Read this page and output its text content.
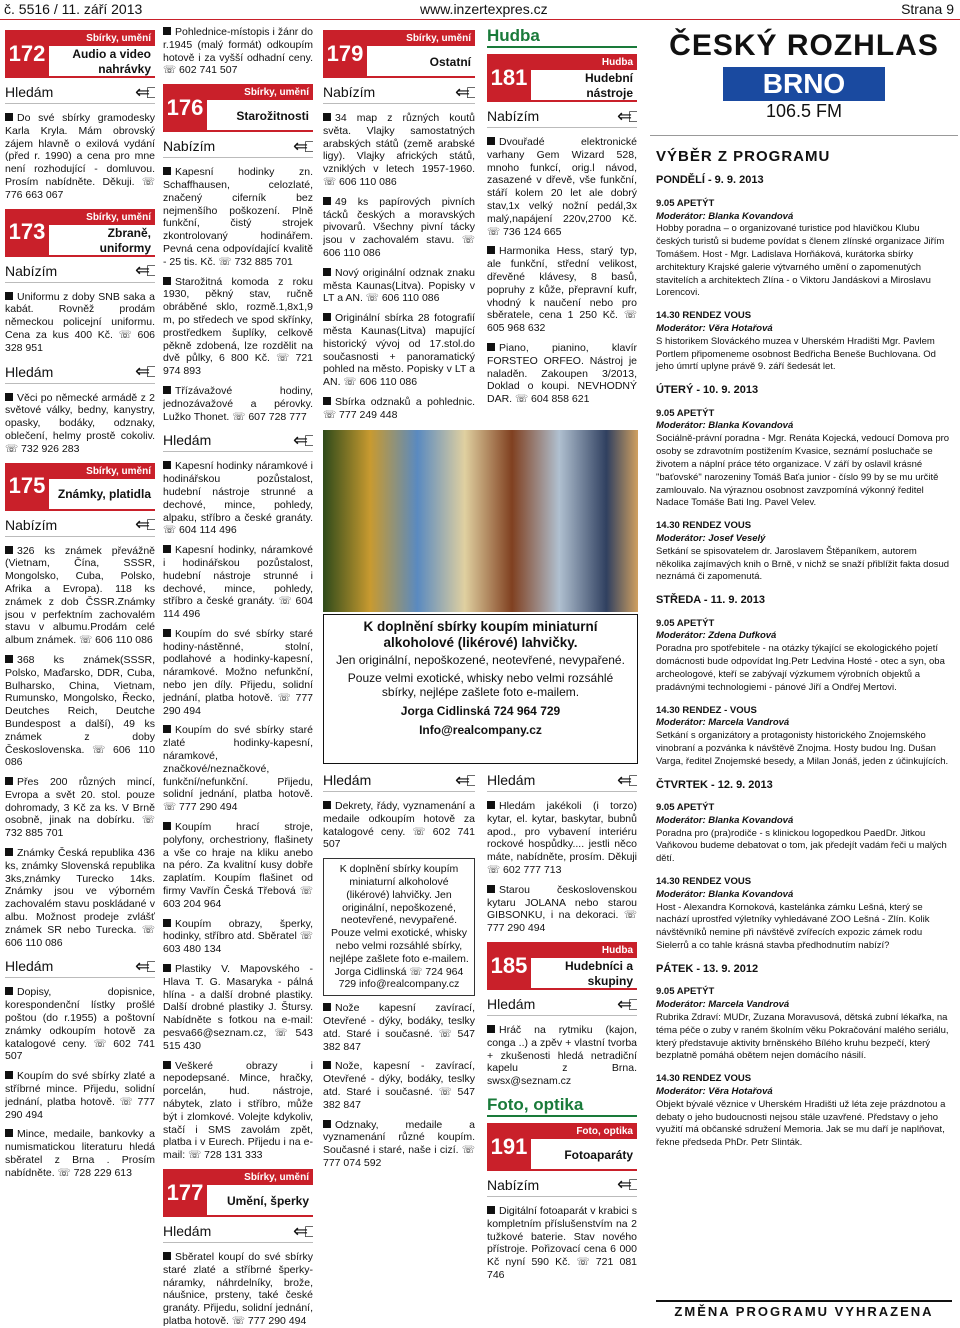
č. 5516 / 11. září 2013	www.inzertexpres.cz	Strana 9
172
Sbírky, umění
Audio a video nahrávky
Hledám	⇐□
Do své sbírky gramodesky Karla Kryla. Mám obrovský zájem hlavně o exilová vydání (před r. 1990) a cena pro mne není rozhodující - domluvou. Prosím nabídněte. Děkuji. ☏ 776 663 067
173
Sbírky, umění
Zbraně, uniformy
Nabízím	⇐□
Uniformu z doby SNB saka a kabát. Rovněž prodám německou policejní uniformu. Cena za kus 400 Kč. ☏ 606 328 951
Hledám	⇐□
Věci po německé armádě z 2 světové války, bedny, kanystry, opasky, bodáky, odznaky, oblečení, helmy prostě cokoliv. ☏ 732 926 283
175
Sbírky, umění
Známky, platidla
Nabízím	⇐□
326 ks známek převážně (Vietnam, Čína, SSSR, Mongolsko, Cuba, Polsko, Afrika a Evropa). 118 ks známek z dob ČSSR.Známky jsou v perfektním zachovalém stavu v albumu.Prodám celé album známek. ☏ 606 110 086
368 ks známek(SSSR, Polsko, Maďarsko, DDR, Cuba, Bulharsko, China, Vietnam, Rumunsko, Mongolsko, Řecko, Deutches Reich, Deutche Bundespost a další), 49 ks známek z doby Československa. ☏ 606 110 086
Přes 200 různých mincí, Evropa a svět 20. stol. pouze dohromady, 3 Kč za ks. V Brně osobně, jinak na dobírku. ☏ 732 885 701
Známky Česká republika 436 ks, známky Slovenská republika 3ks,známky Turecko 14ks. Známky jsou ve výborném zachovalém stavu poskládané v albu. Možnost prodeje zvlášť známek SR nebo Turecka. ☏ 606 110 086
Hledám	⇐□
Dopisy, dopisnice, korespondenční lístky prošlé poštou (do r.1955) a poštovní známky odkoupím hotově za katalogové ceny. ☏ 602 741 507
Koupím do své sbírky zlaté a stříbrné mince. Přijedu, solidní jednání, platba hotově. ☏ 777 290 494
Mince, medaile, bankovky a numismatickou literaturu hledá sběratel z Brna . Prosím nabídněte. ☏ 728 229 613
Pohlednice-místopis i žánr do r.1945 (malý formát) odkoupím hotově i za vyšší odhadní ceny. ☏ 602 741 507
176
Sbírky, umění
Starožitnosti
Nabízím	⇐□
Kapesní hodinky zn. Schaffhausen, celozlaté, značený ciferník bez nejmenšího poškození. Plně funkční, čistý strojek zkontrolovaný hodinářem. Pevná cena odpovídající kvalitě - 25 tis. Kč. ☏ 732 885 701
Starožitná komoda z roku 1930, pěkný stav, ručně obráběné sklo, rozmě.1,8x1,9 m, po středech ve spod skřínky, prostředkem šuplíky, celkově pěkně zdobená, lze rozdělit na dvě půlky, 6 800 Kč. ☏ 721 974 893
Třízávažové hodiny, jednozávažové a pérovky. Lužko Thonet. ☏ 607 728 777
Hledám	⇐□
Kapesní hodinky náramkové i hodinářskou pozůstalost, hudební nástroje strunné a dechové, mince, pohledy, alpaku, stříbro a české granáty. ☏ 604 114 496
Kapesní hodinky, náramkové i hodinářskou pozůstalost, hudební nástroje strunné i dechové, mince, pohledy, stříbro a české granáty. ☏ 604 114 496
Koupím do své sbírky staré hodiny-nástěnné, stolní, podlahové a hodinky-kapesní, náramkové. Možno nefunkční, nebo jen díly. Přijedu, solidní jednání, platba hotově. ☏ 777 290 494
Koupím do své sbírky staré zlaté hodinky-kapesní, náramkové, značkové/neznačkové, funkční/nefunkční. Přijedu, solidní jednání, platba hotově. ☏ 777 290 494
Koupím hrací stroje, polyfony, orchestriony, flašinety a vše co hraje na kliku anebo na péro. Za kvalitní kusy dobře zaplatím. Koupím flašinet od firmy Vavřín Česká Třebová ☏ 603 204 964
Koupím obrazy, šperky, hodinky, stříbro atd. Sběratel ☏ 603 480 134
Plastiky V. Mapovského - Hlava T. G. Masaryka - pálná hlína - a další drobné plastiky. Další drobné plastiky J. Štursy. Nabídněte s fotkou na e-mail: pesva66@seznam.cz, ☏ 543 515 430
Veškeré obrazy i nepodepsané. Mince, hračky, porcelán, hud. nástroje, nábytek, zlato i stříbro, může být i zlomkové. Volejte kdykoliv, stačí i SMS zavolám zpět, platba i v Eurech. Přijedu i na e-mail: ☏ 728 131 333
177
Sbírky, umění
Umění, šperky
Hledám	⇐□
Sběratel koupí do své sbírky staré zlaté a stříbrné šperky-náramky, náhrdelníky, brože, náušnice, prsteny, také české granáty. Přijedu, solidní jednání, platba hotově. ☏ 777 290 494
179
Sbírky, umění
Ostatní
Nabízím	⇐□
34 map z různých koutů světa. Vlajky samostatných arabských států (země arabské ligy). Vlajky afrických států, vzniklých v letech 1957-1960. ☏ 606 110 086
49 ks papírových pivních tácků českých a moravských pivovarů. Všechny pivní tácky jsou v zachovalém stavu. ☏ 606 110 086
Nový originální odznak znaku města Kaunas(Litva). Popisky v LT a AN. ☏ 606 110 086
Originální sbírka 28 fotografií města Kaunas(Litva) mapující historický vývoj od 17.stol.do současnosti + panoramatický pohled na město. Popisky v LT a AN. ☏ 606 110 086
Sbírka odznaků a pohlednic. ☏ 777 249 448
K doplnění sbírky koupím miniaturní alkoholové (likérové) lahvičky.
Jen originální, nepoškozené, neotevřené, nevypařené.
Pouze velmi exotické, whisky nebo velmi rozsáhlé sbírky, nejlépe zašlete foto e-mailem.
Jorga Cidlinská 724 964 729
Info@realcompany.cz
Hledám	⇐□
Dekrety, řády, vyznamenání a medaile odkoupím hotově za katalogové ceny. ☏ 602 741 507
K doplnění sbírky koupím miniaturní alkoholové (likérové) lahvičky. Jen originální, nepoškozené, neotevřené, nevypařené. Pouze velmi exotické, whisky nebo velmi rozsáhlé sbírky, nejlépe zašlete foto e-mailem. Jorga Cidlinská ☏ 724 964 729 info@realcompany.cz
Nože kapesní zavírací, Otevřené - dýky, bodáky, teslky atd. Staré i současné. ☏ 547 382 847
Nože, kapesní - zavírací, Otevřené - dýky, bodáky, teslky atd. Staré i současné. ☏ 547 382 847
Odznaky, medaile a vyznamenání různé koupím. Současné i staré, naše i cizí. ☏ 777 074 592
Hudba
181
Hudba
Hudební nástroje
Nabízím	⇐□
Dvouřadé elektronické varhany Gem Wizard 528, mnoho funkcí, orig.l návod, zasazené v dřevě, vše funkční, stáří kolem 20 let ale dobrý stav,1x velký nožní pedál,3x malý,napájení 220v,2700 Kč. ☏ 736 124 665
Harmonika Hess, starý typ, ale funkční, střední velikost, dřevěné klávesy, 8 basů, popruhy z kůže, přepravní kufr, vhodný k naučení nebo pro sběratele, cena 1 250 Kč. ☏ 605 968 632
Piano, pianino, klavír FORSTEO ORFEO. Nástroj je naladěn. Zakoupen 3/2013, Doklad o koupi. NEVHODNÝ DAR. ☏ 604 858 621
Hledám	⇐□
Hledám jakékoli (i torzo) kytar, el. kytar, baskytar, bubnů apod., pro vybavení interiéru rockové hospůdky.... jestli něco máte, nabídněte, prosím. Děkuji ☏ 602 777 713
Starou československou kytaru JOLANA nebo starou GIBSONKU, i na dekoraci. ☏ 777 290 494
185
Hudba
Hudebníci a skupiny
Hledám	⇐□
Hráč na rytmiku (kajon, conga ..) a zpěv + vlastní tvorba + zkušenosti hledá netradiční kapelu z Brna. swsx@seznam.cz
Foto, optika
191
Foto, optika
Fotoaparáty
Nabízím	⇐□
Digitální fotoaparát v krabici s kompletním příslušenstvím na 2 tužkové baterie. Stav nového přístroje. Pořizovací cena 6 000 Kč nyní 590 Kč. ☏ 721 081 746
ČESKÝ ROZHLAS
BRNO
106.5 FM
VÝBĚR Z PROGRAMU
PONDĚLÍ - 9. 9. 2013
9.05 APETÝT
Moderátor: Blanka Kovandová
Hobby poradna – o organizované turistice pod hlavičkou Klubu českých turistů si budeme povídat s členem zlínské organizace Jiřím Tomášem. Host - Mgr. Ladislava Horňáková, kurátorka sbírky architektury Krajské galerie výtvarného umění o zapomenutých stavitelích a architektech Zlína - o Viktoru Jandáskovi a Miroslavu Lorencovi.
14.30 RENDEZ VOUS
Moderátor: Věra Hotařová
S historikem Slováckého muzea v Uherském Hradišti Mgr. Pavlem Portlem připomeneme osobnost Bedřicha Beneše Buchlovana. Od jeho úmrtí uplyne právě 9. září šedesát let.
ÚTERÝ - 10. 9. 2013
9.05 APETÝT
Moderátor: Blanka Kovandová
Sociálně-právní poradna - Mgr. Renáta Kojecká, vedoucí Domova pro osoby se zdravotním postižením Kvasice, seznámí posluchače se životem a náplní práce této organizace. V září by oslavil krásné "baťovské" narozeniny Tomáš Baťa junior - číslo 99 by se mu určitě zamlouvalo. Na výraznou osobnost zavzpomíná výkonný ředitel Nadace Tomáše Bati Ing. Pavel Velev.
14.30 RENDEZ VOUS
Moderátor: Josef Veselý
Setkání se spisovatelem dr. Jaroslavem Štěpaníkem, autorem několika zajímavých knih o Brně, v nichž se snaží přiblížit fakta dosud neznámá či zapomenutá.
STŘEDA - 11. 9. 2013
9.05 APETÝT
Moderátor: Zdena Dufková
Poradna pro spotřebitele - na otázky týkající se ekologického pojetí domácnosti bude odpovídat Ing.Petr Ledvina Hosté - otec a syn, oba archeologové, kteří se zabývají výzkumem výrobních objektů a pradávnými technologiemi - pánové Jiří a Ondřej Mertovi.
14.30 RENDEZ - VOUS
Moderátor: Marcela Vandrová
Setkání s organizátory a protagonisty historického Znojemského vinobraní a pozvánka k návštěvě Znojma. Hosty budou Ing. Dušan Varga, ředitel Znojemské besedy, a Milan Jonáš, jeden z účinkujících.
ČTVRTEK - 12. 9. 2013
9.05 APETÝT
Moderátor: Blanka Kovandová
Poradna pro (pra)rodiče - s klinickou logopedkou PaedDr. Jitkou Vaňkovou budeme debatovat o tom, jak předejít vadám řeči u malých dětí.
14.30 RENDEZ VOUS
Moderátor: Blanka Kovandová
Host - Alexandra Kornoková, kastelánka zámku Lešná, který se nachází uprostřed výletníky vyhledávané ZOO Lešná - Zlín. Kolik návštěvníků nemine při návštěvě zvířecích expozic zámek rodu Sielerrů a co tahle krásná stavba předhodnutím nabízí?
PÁTEK - 13. 9. 2012
9.05 APETÝT
Moderátor: Marcela Vandrová
Rubrika Zdraví: MUDr, Zuzana Moravusová, dětská zubní lékařka, na téma péče o zuby v raném školním věku Pokračování malého seriálu, který představuje aktivity brněnského Bílého kruhu bezpečí, který bezplatně pomáhá obětem nejen domácího násilí.
14.30 RENDEZ VOUS
Moderátor: Věra Hotařová
Objekt bývalé věznice v Uherském Hradišti už léta zeje prázdnotou a debaty o jeho budoucnosti nejsou stále uzavřené. Představy o jeho využití má občanské sdružení Memoria. Jak se mu daří je naplňovat, řekne předseda PhDr. Petr Slinták.
ZMĚNA PROGRAMU VYHRAZENA
